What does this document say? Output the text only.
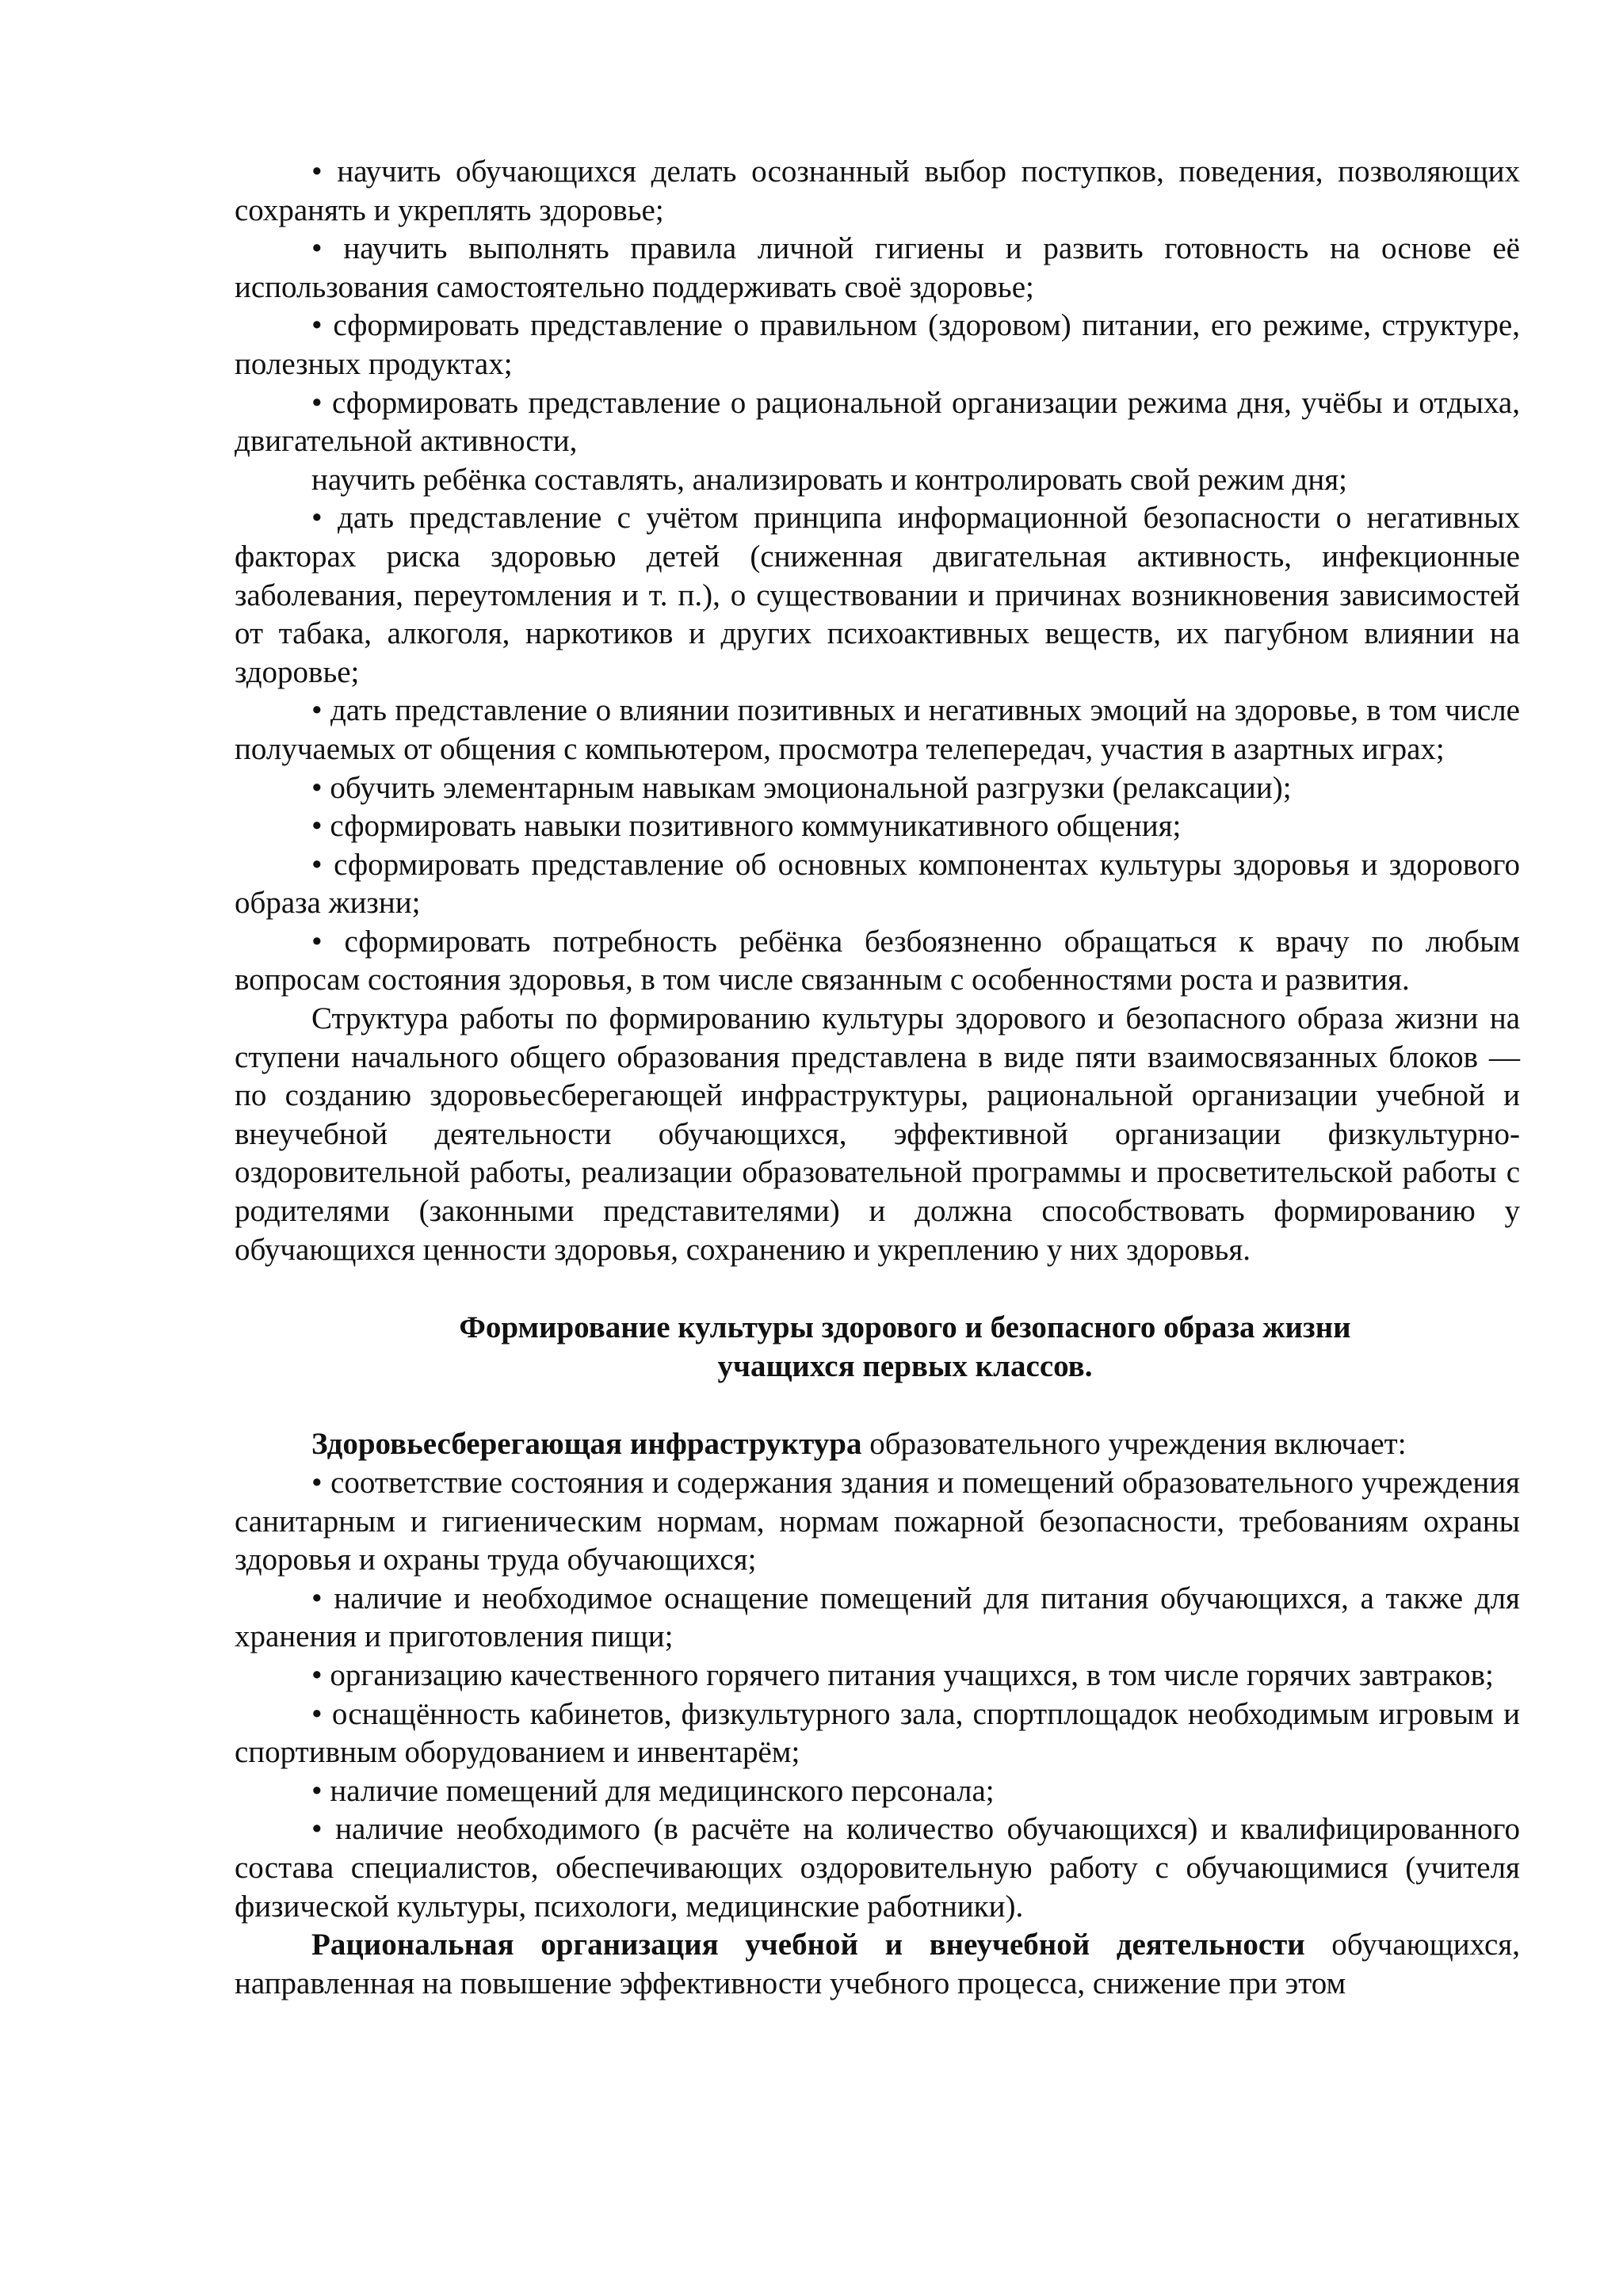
• научить обучающихся делать осознанный выбор поступков, поведения, позволяющих сохранять и укреплять здоровье;

• научить выполнять правила личной гигиены и развить готовность на основе её использования самостоятельно поддерживать своё здоровье;

• сформировать представление о правильном (здоровом) питании, его режиме, структуре, полезных продуктах;

• сформировать представление о рациональной организации режима дня, учёбы и отдыха, двигательной активности,

научить ребёнка составлять, анализировать и контролировать свой режим дня;

• дать представление с учётом принципа информационной безопасности о негативных факторах риска здоровью детей (сниженная двигательная активность, инфекционные заболевания, переутомления и т. п.), о существовании и причинах возникновения зависимостей от табака, алкоголя, наркотиков и других психоактивных веществ, их пагубном влиянии на здоровье;

• дать представление о влиянии позитивных и негативных эмоций на здоровье, в том числе получаемых от общения с компьютером, просмотра телепередач, участия в азартных играх;

• обучить элементарным навыкам эмоциональной разгрузки (релаксации);

• сформировать навыки позитивного коммуникативного общения;

• сформировать представление об основных компонентах культуры здоровья и здорового образа жизни;

• сформировать потребность ребёнка безбоязненно обращаться к врачу по любым вопросам состояния здоровья, в том числе связанным с особенностями роста и развития.

Структура работы по формированию культуры здорового и безопасного образа жизни на ступени начального общего образования представлена в виде пяти взаимосвязанных блоков — по созданию здоровьесберегающей инфраструктуры, рациональной организации учебной и внеучебной деятельности обучающихся, эффективной организации физкультурно-оздоровительной работы, реализации образовательной программы и просветительской работы с родителями (законными представителями) и должна способствовать формированию у обучающихся ценности здоровья, сохранению и укреплению у них здоровья.

Формирование культуры здорового и безопасного образа жизни

учащихся первых классов.

Здоровьесберегающая инфраструктура образовательного учреждения включает:

• соответствие состояния и содержания здания и помещений образовательного учреждения санитарным и гигиеническим нормам, нормам пожарной безопасности, требованиям охраны здоровья и охраны труда обучающихся;

• наличие и необходимое оснащение помещений для питания обучающихся, а также для хранения и приготовления пищи;

• организацию качественного горячего питания учащихся, в том числе горячих завтраков;

• оснащённость кабинетов, физкультурного зала, спортплощадок необходимым игровым и спортивным оборудованием и инвентарём;

• наличие помещений для медицинского персонала;

• наличие необходимого (в расчёте на количество обучающихся) и квалифицированного состава специалистов, обеспечивающих оздоровительную работу с обучающимися (учителя физической культуры, психологи, медицинские работники).

Рациональная организация учебной и внеучебной деятельности обучающихся, направленная на повышение эффективности учебного процесса, снижение при этом
